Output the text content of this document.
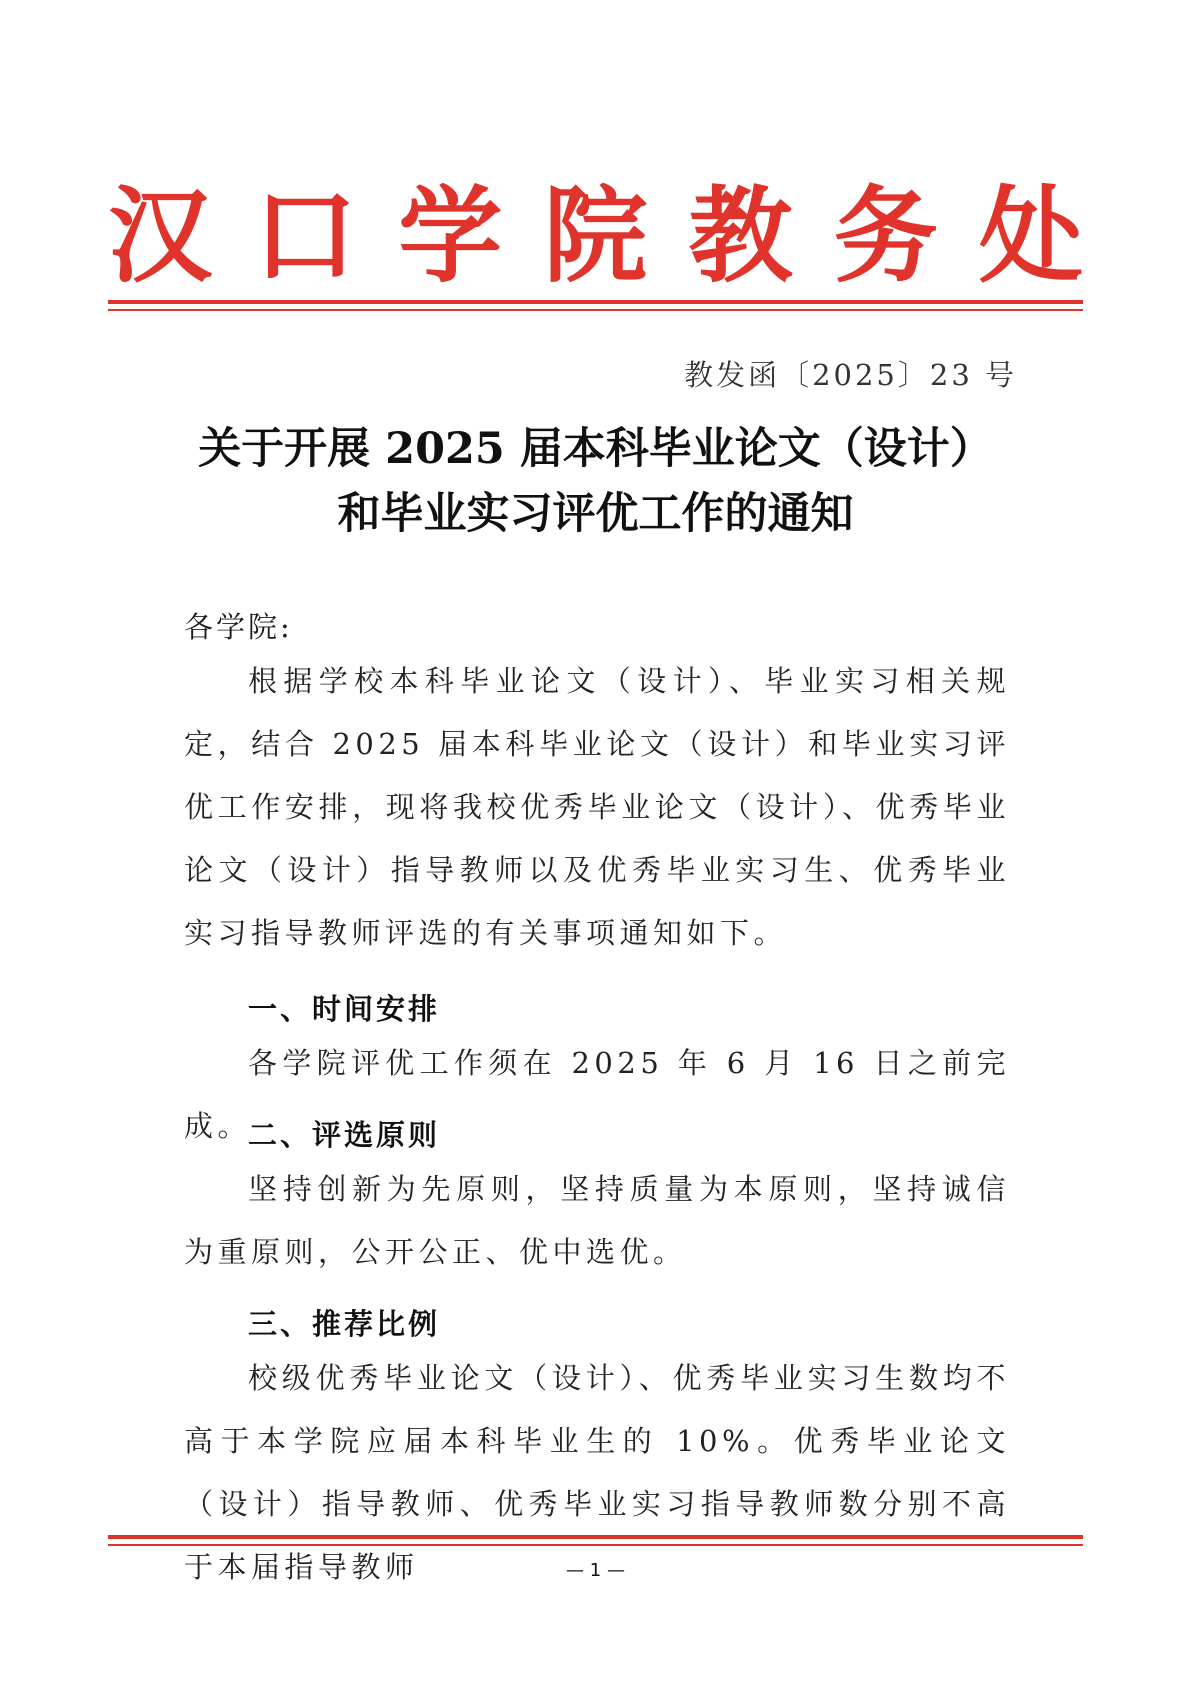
汉 口 学 院 教 务 处
教发函〔2025〕23 号
关于开展 2025 届本科毕业论文（设计）
和毕业实习评优工作的通知
各学院:
根据学校本科毕业论文（设计）、毕业实习相关规定，结合 2025 届本科毕业论文（设计）和毕业实习评优工作安排，现将我校优秀毕业论文（设计）、优秀毕业论文（设计）指导教师以及优秀毕业实习生、优秀毕业实习指导教师评选的有关事项通知如下。
一、时间安排
各学院评优工作须在 2025 年 6 月 16 日之前完成。
二、评选原则
坚持创新为先原则，坚持质量为本原则，坚持诚信为重原则，公开公正、优中选优。
三、推荐比例
校级优秀毕业论文（设计）、优秀毕业实习生数均不高于本学院应届本科毕业生的 10%。优秀毕业论文（设计）指导教师、优秀毕业实习指导教师数分别不高于本届指导教师	— 1 —
